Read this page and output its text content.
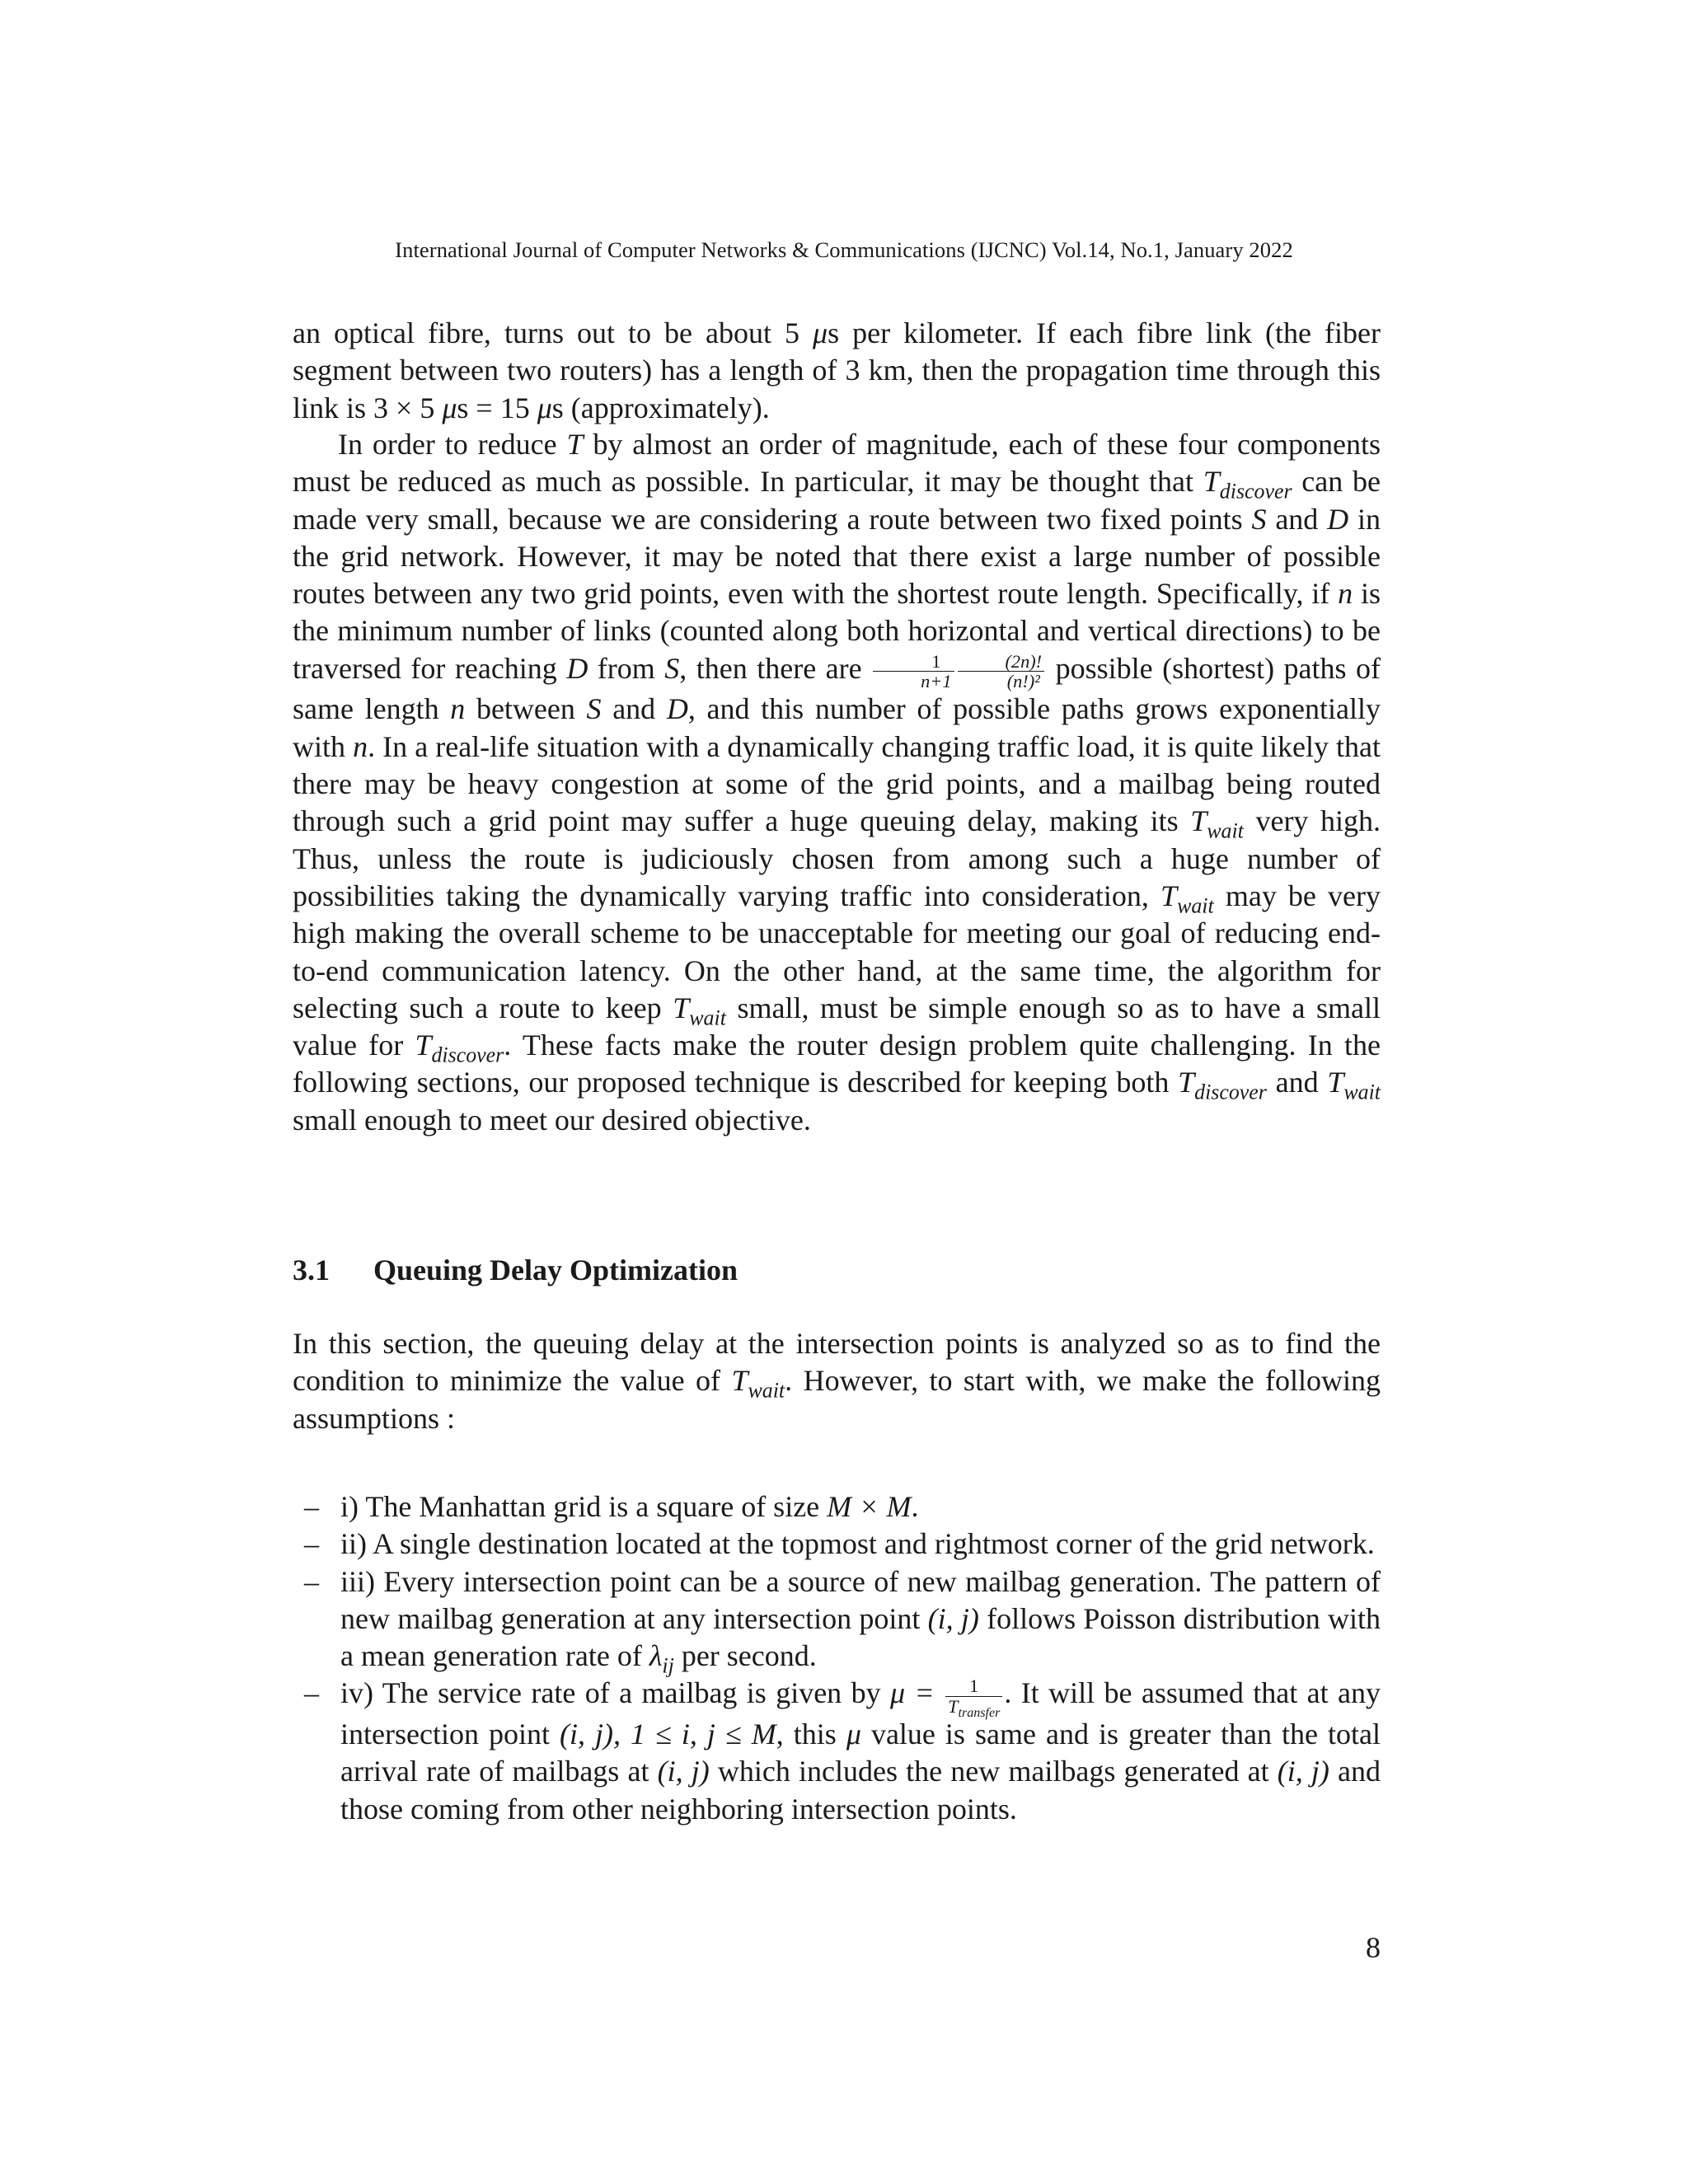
International Journal of Computer Networks & Communications (IJCNC) Vol.14, No.1, January 2022

an optical fibre, turns out to be about 5 μs per kilometer. If each fibre link (the fiber segment between two routers) has a length of 3 km, then the propagation time through this link is 3 × 5 μs = 15 μs (approximately).

In order to reduce T by almost an order of magnitude, each of these four components must be reduced as much as possible. In particular, it may be thought that $T_{discover}$ can be made very small, because we are considering a route between two fixed points S and D in the grid network. However, it may be noted that there exist a large number of possible routes between any two grid points, even with the shortest route length. Specifically, if n is the minimum number of links (counted along both horizontal and vertical directions) to be traversed for reaching D from S, then there are $\frac{1}{n+1} \frac{(2n)!}{\text{(n!)²}}$ possible (shortest) paths of same length n between S and D, and this number of possible paths grows exponentially with n. In a real-life situation with a dynamically changing traffic load, it is quite likely that there may be heavy congestion at some of the grid points, and a mailbag being routed through such a grid point may suffer a huge queuing delay, making its $T_{wait}$ very high. Thus, unless the route is judiciously chosen from among such a huge number of possibilities taking the dynamically varying traffic into consideration, $T_{wait}$ may be very high making the overall scheme to be unacceptable for meeting our goal of reducing end-to-end communication latency. On the other hand, at the same time, the algorithm for selecting such a route to keep $T_{wait}$ small, must be simple enough so as to have a small value for $T_{discover}$. These facts make the router design problem quite challenging. In the following sections, our proposed technique is described for keeping both $T_{discover}$ and $T_{wait}$ small enough to meet our desired objective.

3.1 Queuing Delay Optimization

In this section, the queuing delay at the intersection points is analyzed so as to find the condition to minimize the value of $T_{wait}$. However, to start with, we make the following assumptions :

– i) The Manhattan grid is a square of size M × M.
– ii) A single destination located at the topmost and rightmost corner of the grid network.
– iii) Every intersection point can be a source of new mailbag generation. The pattern of new mailbag generation at any intersection point (i, j) follows Poisson distribution with a mean generation rate of $\lambda_{ij}$ per second.
– iv) The service rate of a mailbag is given by $\mu = \frac{1}{T_{transfer}}$ . It will be assumed that at any intersection point (i, j), 1 ≤ i, j ≤ M, this μ value is same and is greater than the total arrival rate of mailbags at (i, j) which includes the new mailbags generated at (i, j) and those coming from other neighboring intersection points.
8
